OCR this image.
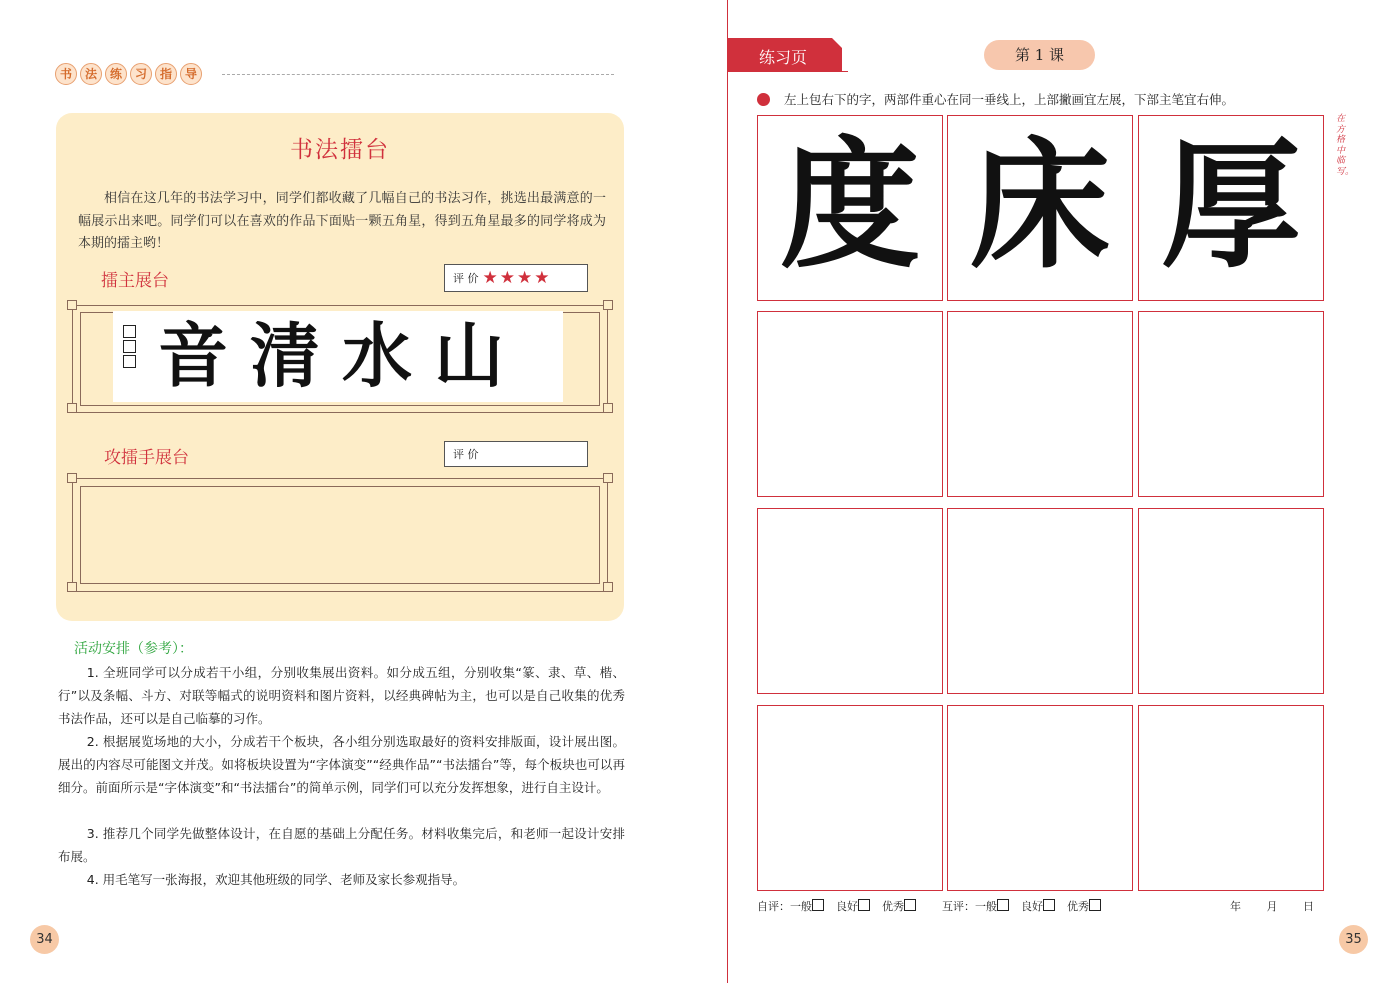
书	法	练	习	指	导
书法擂台
相信在这几年的书法学习中，同学们都收藏了几幅自己的书法习作，挑选出最满意的一幅展示出来吧。同学们可以在喜欢的作品下面贴一颗五角星，得到五角星最多的同学将成为本期的擂主哟！
擂主展台	评 价 ★★★★
音清水山
攻擂手展台	评 价
活动安排（参考）：
1. 全班同学可以分成若干小组，分别收集展出资料。如分成五组，分别收集“篆、隶、草、楷、行”以及条幅、斗方、对联等幅式的说明资料和图片资料，以经典碑帖为主，也可以是自己收集的优秀书法作品，还可以是自己临摹的习作。
2. 根据展览场地的大小，分成若干个板块，各小组分别选取最好的资料安排版面，设计展出图。展出的内容尽可能图文并茂。如将板块设置为“字体演变”“经典作品”“书法擂台”等，每个板块也可以再细分。前面所示是“字体演变”和“书法擂台”的简单示例，同学们可以充分发挥想象，进行自主设计。
3. 推荐几个同学先做整体设计，在自愿的基础上分配任务。材料收集完后，和老师一起设计安排布展。
4. 用毛笔写一张海报，欢迎其他班级的同学、老师及家长参观指导。
34
练习页	第 1 课
左上包右下的字，两部件重心在同一垂线上，上部撇画宜左展，下部主笔宜右伸。
度 床 厚
在方格中临写。
自评：一般 良好 优秀	互评：一般 良好 优秀	年 月 日
35
